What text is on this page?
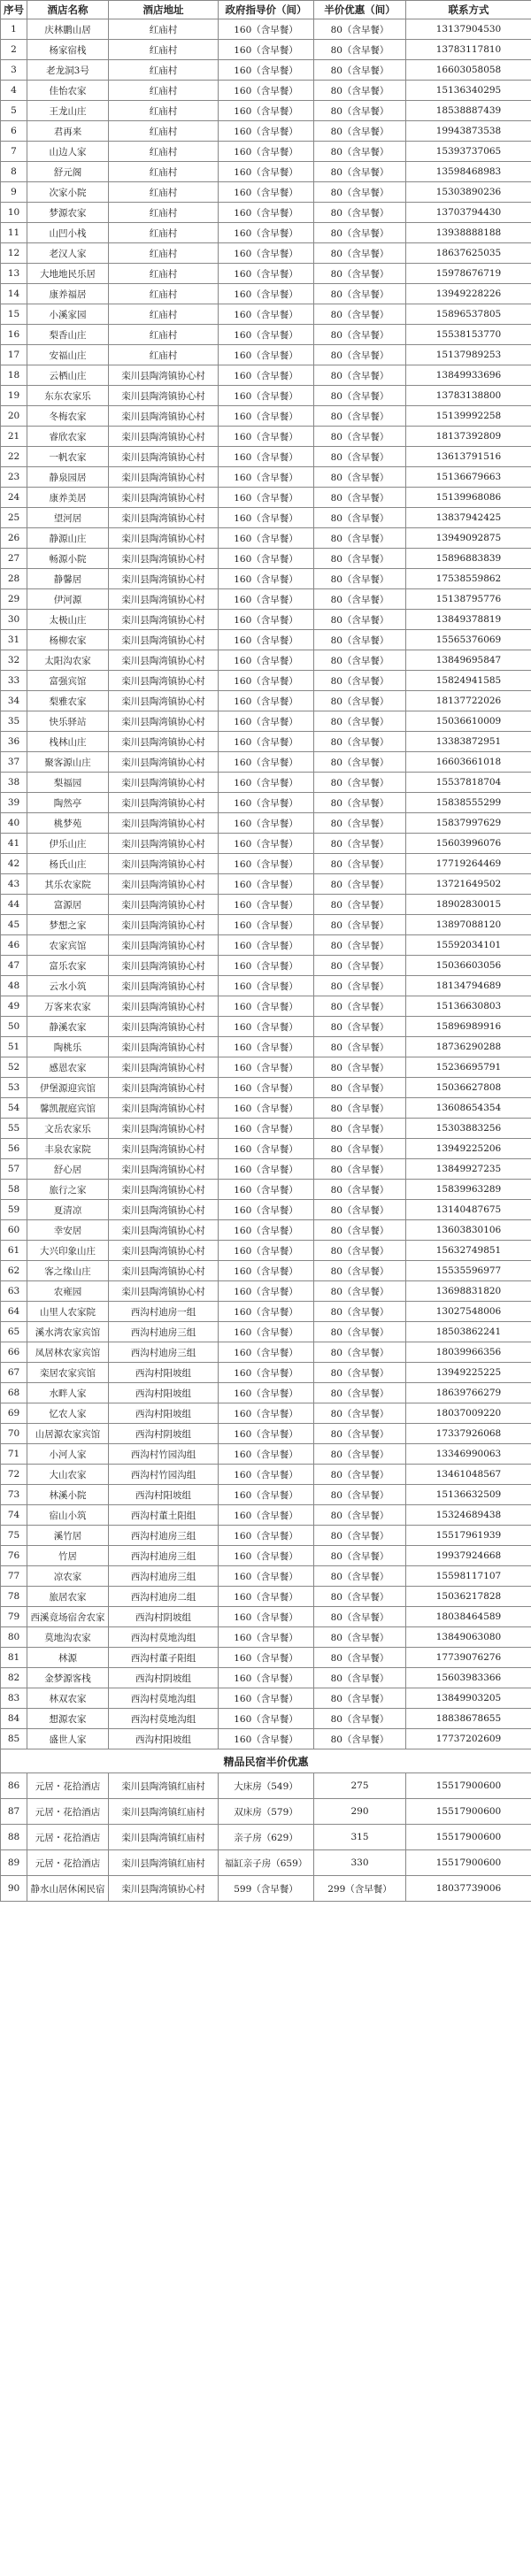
序号	酒店名称	酒店地址	政府指导价（间）	半价优惠（间）	联系方式
1	庆林鹏山居	红庙村	160（含早餐）	80（含早餐）	13137904530
2	杨家宿栈	红庙村	160（含早餐）	80（含早餐）	13783117810
3	老龙洞3号	红庙村	160（含早餐）	80（含早餐）	16603058058
4	佳怡农家	红庙村	160（含早餐）	80（含早餐）	15136340295
5	王龙山庄	红庙村	160（含早餐）	80（含早餐）	18538887439
6	君再来	红庙村	160（含早餐）	80（含早餐）	19943873538
7	山边人家	红庙村	160（含早餐）	80（含早餐）	15393737065
8	舒元阁	红庙村	160（含早餐）	80（含早餐）	13598468983
9	次家小院	红庙村	160（含早餐）	80（含早餐）	15303890236
10	梦源农家	红庙村	160（含早餐）	80（含早餐）	13703794430
11	山凹小栈	红庙村	160（含早餐）	80（含早餐）	13938888188
12	老汉人家	红庙村	160（含早餐）	80（含早餐）	18637625035
13	大地地民乐居	红庙村	160（含早餐）	80（含早餐）	15978676719
14	康养福居	红庙村	160（含早餐）	80（含早餐）	13949228226
15	小溪家园	红庙村	160（含早餐）	80（含早餐）	15896537805
16	梨香山庄	红庙村	160（含早餐）	80（含早餐）	15538153770
17	安福山庄	红庙村	160（含早餐）	80（含早餐）	15137989253
18	云栖山庄	栾川县陶湾镇协心村	160（含早餐）	80（含早餐）	13849933696
19	东东农家乐	栾川县陶湾镇协心村	160（含早餐）	80（含早餐）	13783138800
20	冬梅农家	栾川县陶湾镇协心村	160（含早餐）	80（含早餐）	15139992258
21	睿欣农家	栾川县陶湾镇协心村	160（含早餐）	80（含早餐）	18137392809
22	一帆农家	栾川县陶湾镇协心村	160（含早餐）	80（含早餐）	13613791516
23	静泉园居	栾川县陶湾镇协心村	160（含早餐）	80（含早餐）	15136679663
24	康养美居	栾川县陶湾镇协心村	160（含早餐）	80（含早餐）	15139968086
25	望河居	栾川县陶湾镇协心村	160（含早餐）	80（含早餐）	13837942425
26	静源山庄	栾川县陶湾镇协心村	160（含早餐）	80（含早餐）	13949092875
27	畅源小院	栾川县陶湾镇协心村	160（含早餐）	80（含早餐）	15896883839
28	静馨居	栾川县陶湾镇协心村	160（含早餐）	80（含早餐）	17538559862
29	伊河源	栾川县陶湾镇协心村	160（含早餐）	80（含早餐）	15138795776
30	太极山庄	栾川县陶湾镇协心村	160（含早餐）	80（含早餐）	13849378819
31	杨柳农家	栾川县陶湾镇协心村	160（含早餐）	80（含早餐）	15565376069
32	太阳沟农家	栾川县陶湾镇协心村	160（含早餐）	80（含早餐）	13849695847
33	富强宾馆	栾川县陶湾镇协心村	160（含早餐）	80（含早餐）	15824941585
34	梨雅农家	栾川县陶湾镇协心村	160（含早餐）	80（含早餐）	18137722026
35	快乐驿站	栾川县陶湾镇协心村	160（含早餐）	80（含早餐）	15036610009
36	栈林山庄	栾川县陶湾镇协心村	160（含早餐）	80（含早餐）	13383872951
37	聚客源山庄	栾川县陶湾镇协心村	160（含早餐）	80（含早餐）	16603661018
38	梨福园	栾川县陶湾镇协心村	160（含早餐）	80（含早餐）	15537818704
39	陶然亭	栾川县陶湾镇协心村	160（含早餐）	80（含早餐）	15838555299
40	桃梦苑	栾川县陶湾镇协心村	160（含早餐）	80（含早餐）	15837997629
41	伊乐山庄	栾川县陶湾镇协心村	160（含早餐）	80（含早餐）	15603996076
42	杨氏山庄	栾川县陶湾镇协心村	160（含早餐）	80（含早餐）	17719264469
43	其乐农家院	栾川县陶湾镇协心村	160（含早餐）	80（含早餐）	13721649502
44	富源居	栾川县陶湾镇协心村	160（含早餐）	80（含早餐）	18902830015
45	梦想之家	栾川县陶湾镇协心村	160（含早餐）	80（含早餐）	13897088120
46	农家宾馆	栾川县陶湾镇协心村	160（含早餐）	80（含早餐）	15592034101
47	富乐农家	栾川县陶湾镇协心村	160（含早餐）	80（含早餐）	15036603056
48	云水小筑	栾川县陶湾镇协心村	160（含早餐）	80（含早餐）	18134794689
49	万客来农家	栾川县陶湾镇协心村	160（含早餐）	80（含早餐）	15136630803
50	静溪农家	栾川县陶湾镇协心村	160（含早餐）	80（含早餐）	15896989916
51	陶桃乐	栾川县陶湾镇协心村	160（含早餐）	80（含早餐）	18736290288
52	感恩农家	栾川县陶湾镇协心村	160（含早餐）	80（含早餐）	15236695791
53	伊堡源迎宾馆	栾川县陶湾镇协心村	160（含早餐）	80（含早餐）	15036627808
54	馨凯靓庭宾馆	栾川县陶湾镇协心村	160（含早餐）	80（含早餐）	13608654354
55	文岳农家乐	栾川县陶湾镇协心村	160（含早餐）	80（含早餐）	15303883256
56	丰泉农家院	栾川县陶湾镇协心村	160（含早餐）	80（含早餐）	13949225206
57	舒心居	栾川县陶湾镇协心村	160（含早餐）	80（含早餐）	13849927235
58	旅行之家	栾川县陶湾镇协心村	160（含早餐）	80（含早餐）	15839963289
59	夏清凉	栾川县陶湾镇协心村	160（含早餐）	80（含早餐）	13140487675
60	幸安居	栾川县陶湾镇协心村	160（含早餐）	80（含早餐）	13603830106
61	大兴印象山庄	栾川县陶湾镇协心村	160（含早餐）	80（含早餐）	15632749851
62	客之缘山庄	栾川县陶湾镇协心村	160（含早餐）	80（含早餐）	15535596977
63	农雍园	栾川县陶湾镇协心村	160（含早餐）	80（含早餐）	13698831820
64	山里人农家院	西沟村迪房一组	160（含早餐）	80（含早餐）	13027548006
65	溪水湾农家宾馆	西沟村迪房三组	160（含早餐）	80（含早餐）	18503862241
66	凤居林农家宾馆	西沟村迪房三组	160（含早餐）	80（含早餐）	18039966356
67	栾居农家宾馆	西沟村阳坡组	160（含早餐）	80（含早餐）	13949225225
68	水畔人家	西沟村阳坡组	160（含早餐）	80（含早餐）	18639766279
69	忆农人家	西沟村阳坡组	160（含早餐）	80（含早餐）	18037009220
70	山居源农家宾馆	西沟村阴坡组	160（含早餐）	80（含早餐）	17337926068
71	小河人家	西沟村竹园沟组	160（含早餐）	80（含早餐）	13346990063
72	大山农家	西沟村竹园沟组	160（含早餐）	80（含早餐）	13461048567
73	林溪小院	西沟村阳坡组	160（含早餐）	80（含早餐）	15136632509
74	宿山小筑	西沟村董土阳组	160（含早餐）	80（含早餐）	15324689438
75	溪竹居	西沟村迪房三组	160（含早餐）	80（含早餐）	15517961939
76	竹居	西沟村迪房三组	160（含早餐）	80（含早餐）	19937924668
77	凉农家	西沟村迪房三组	160（含早餐）	80（含早餐）	15598117107
78	旅居农家	西沟村迪房二组	160（含早餐）	80（含早餐）	15036217828
79	西溪竟场宿舍农家	西沟村阴坡组	160（含早餐）	80（含早餐）	18038464589
80	莫地沟农家	西沟村莫地沟组	160（含早餐）	80（含早餐）	13849063080
81	林源	西沟村董子阳组	160（含早餐）	80（含早餐）	17739076276
82	金梦源客栈	西沟村阴坡组	160（含早餐）	80（含早餐）	15603983366
83	林双农家	西沟村莫地沟组	160（含早餐）	80（含早餐）	13849903205
84	想源农家	西沟村莫地沟组	160（含早餐）	80（含早餐）	18838678655
85	盛世人家	西沟村阳坡组	160（含早餐）	80（含早餐）	17737202609
精品民宿半价优惠					
86	元居・花拾酒店	栾川县陶湾镇红庙村	大床房（549）	275	15517900600
87	元居・花拾酒店	栾川县陶湾镇红庙村	双床房（579）	290	15517900600
88	元居・花拾酒店	栾川县陶湾镇红庙村	亲子房（629）	315	15517900600
89	元居・花拾酒店	栾川县陶湾镇红庙村	福缸亲子房（659）	330	15517900600
90	静水山居休闲民宿	栾川县陶湾镇协心村	599（含早餐）	299（含早餐）	18037739006
